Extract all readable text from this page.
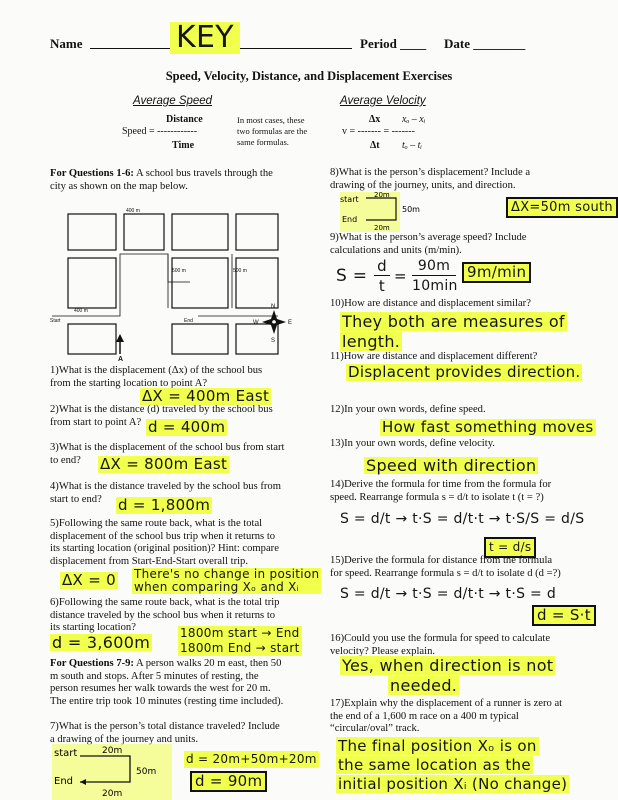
Name	KEY	Period ____ Date ________
Speed, Velocity, Distance, and Displacement Exercises
Average Speed
Distance
Speed = ------------
Time
In most cases, these
two formulas are the
same formulas.
Average Velocity
Δx xₒ – xᵢ
v = ------- = -------
Δt tₒ – tᵢ
For Questions 1-6: A school bus travels through the
city as shown on the map below.
400 m
500 m	500 m
400 m
Start	End
A
N
S
E
W
1)What is the displacement (Δx) of the school bus
from the starting location to point A?
ΔX = 400m East
2)What is the distance (d) traveled by the school bus
from start to point A? d = 400m
3)What is the displacement of the school bus from start
to end?	ΔX = 800m East
4)What is the distance traveled by the school bus from
start to end?	d = 1,800m
5)Following the same route back, what is the total
displacement of the school bus trip when it returns to
its starting location (original position)? Hint: compare
displacement from Start-End-Start overall trip.
ΔX = 0 There's no change in position
when comparing Xₒ and Xᵢ
6)Following the same route back, what is the total trip
distance traveled by the school bus when it returns to
its starting location?
d = 3,600m 1800m start → End
1800m End → start
For Questions 7-9: A person walks 20 m east, then 50
m south and stops. After 5 minutes of resting, the
person resumes her walk towards the west for 20 m.
The entire trip took 10 minutes (resting time included).
7)What is the person’s total distance traveled? Include
a drawing of the journey and units.
start	20m
50m
End
20m
d = 20m+50m+20m
d = 90m
8)What is the person’s displacement? Include a
drawing of the journey, units, and direction.
start 20m
50m
End
20m
ΔX=50m south
9)What is the person’s average speed? Include
calculations and units (m/min).
S = d
t
=
90m
10min
9m/min
10)How are distance and displacement similar?
They both are measures of
length.
11)How are distance and displacement different?
Displacent provides direction.
12)In your own words, define speed.
How fast something moves
13)In your own words, define velocity.
Speed with direction
14)Derive the formula for time from the formula for
speed. Rearrange formula s = d/t to isolate t (t = ?)
S = d/t → t·S = d/t·t → t·S/S = d/S
t = d/s
15)Derive the formula for distance from the formula
for speed. Rearrange formula s = d/t to isolate d (d =?)
S = d/t → t·S = d/t·t → t·S = d
d = S·t
16)Could you use the formula for speed to calculate
velocity? Please explain.
Yes, when direction is not
needed.
17)Explain why the displacement of a runner is zero at
the end of a 1,600 m race on a 400 m typical
“circular/oval” track.
The final position Xₒ is on
the same location as the
initial position Xᵢ (No change)
